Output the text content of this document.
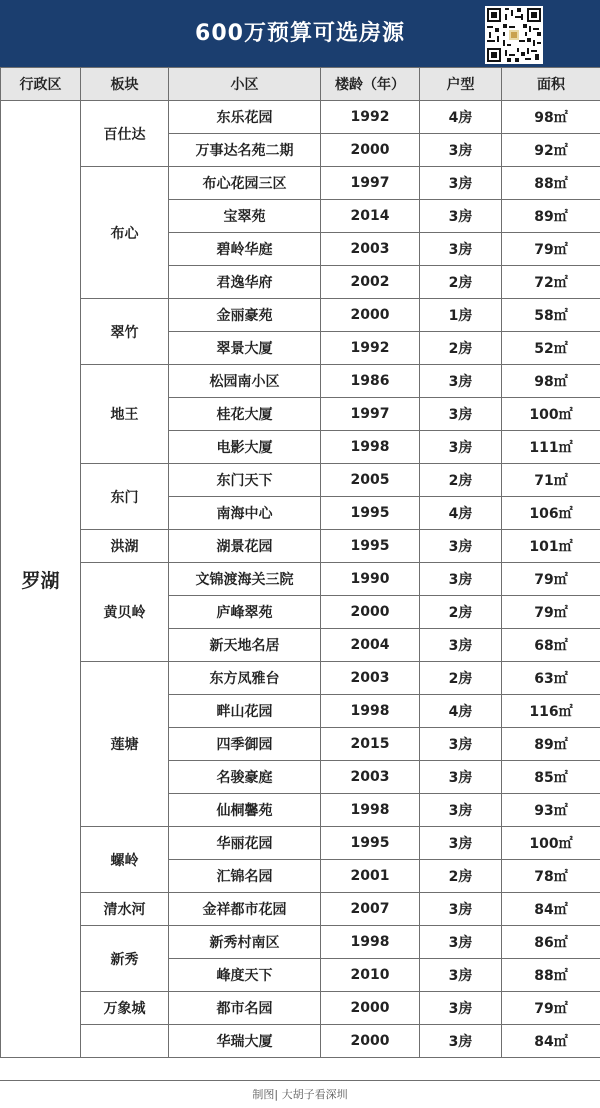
600万预算可选房源
行政区	板块	小区	楼龄（年）	户型	面积
罗湖	百仕达	东乐花园	1992	4房	98㎡
		万事达名苑二期	2000	3房	92㎡
	布心	布心花园三区	1997	3房	88㎡
		宝翠苑	2014	3房	89㎡
		碧岭华庭	2003	3房	79㎡
		君逸华府	2002	2房	72㎡
	翠竹	金丽豪苑	2000	1房	58㎡
		翠景大厦	1992	2房	52㎡
	地王	松园南小区	1986	3房	98㎡
		桂花大厦	1997	3房	100㎡
		电影大厦	1998	3房	111㎡
	东门	东门天下	2005	2房	71㎡
		南海中心	1995	4房	106㎡
	洪湖	湖景花园	1995	3房	101㎡
	黄贝岭	文锦渡海关三院	1990	3房	79㎡
		庐峰翠苑	2000	2房	79㎡
		新天地名居	2004	3房	68㎡
	莲塘	东方凤雅台	2003	2房	63㎡
		畔山花园	1998	4房	116㎡
		四季御园	2015	3房	89㎡
		名骏豪庭	2003	3房	85㎡
		仙桐馨苑	1998	3房	93㎡
	螺岭	华丽花园	1995	3房	100㎡
		汇锦名园	2001	2房	78㎡
	清水河	金祥都市花园	2007	3房	84㎡
	新秀	新秀村南区	1998	3房	86㎡
		峰度天下	2010	3房	88㎡
	万象城	都市名园	2000	3房	79㎡
		华瑞大厦	2000	3房	84㎡
制图| 大胡子看深圳
